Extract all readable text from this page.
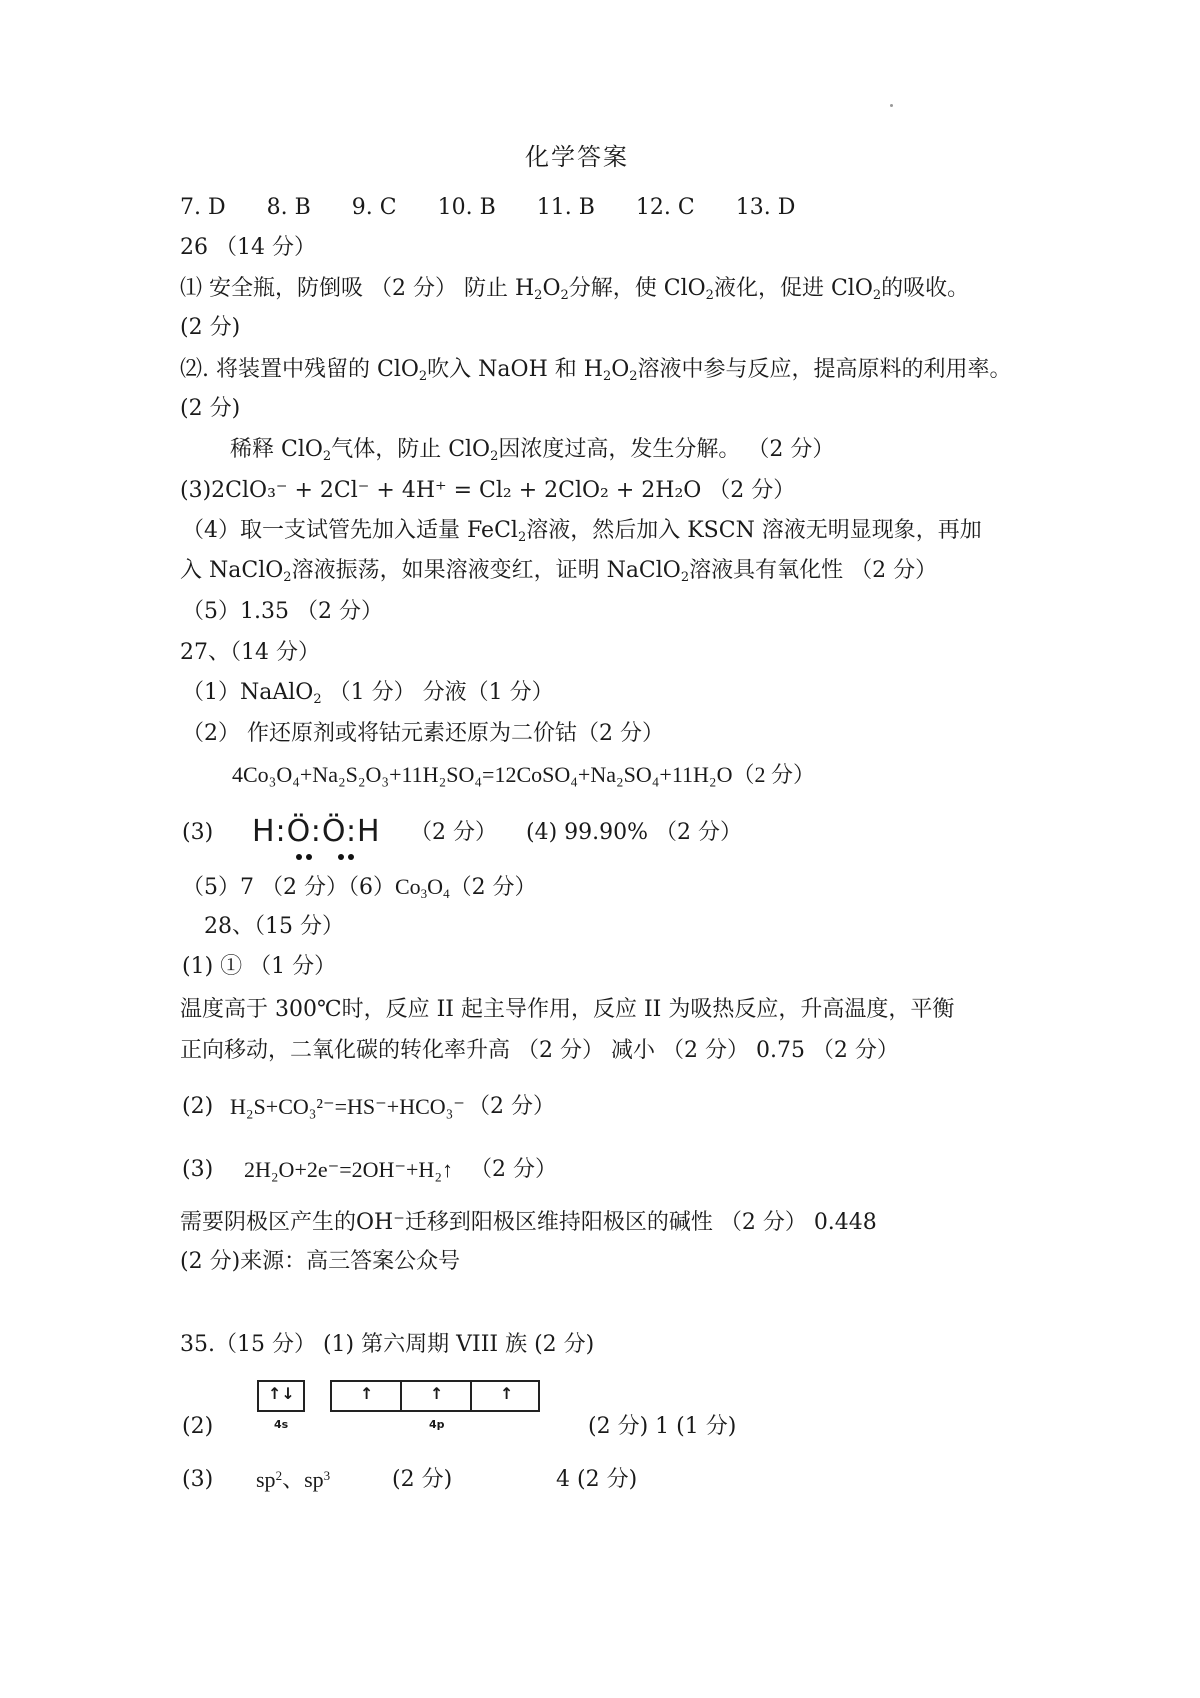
化学答案
7. D 8. B 9. C 10. B 11. B 12. C 13. D
26 （14 分）
⑴ 安全瓶，防倒吸 （2 分） 防止 $H_2O_2$分解，使 ClO$_2$液化，促进 ClO$_2$的吸收。
(2 分)
⑵. 将装置中残留的 ClO$_2$吹入 NaOH 和 $H_2O_2$溶液中参与反应，提高原料的利用率。
(2 分)
稀释 ClO$_2$气体，防止 ClO$_2$因浓度过高，发生分解。 （2 分）
(3)2ClO₃⁻ + 2Cl⁻ + 4H⁺ = Cl₂ + 2ClO₂ + 2H₂O （2 分）
（4）取一支试管先加入适量 FeCl$_2$溶液，然后加入 KSCN 溶液无明显现象，再加
入 NaClO$_2$溶液振荡，如果溶液变红，证明 NaClO$_2$溶液具有氧化性 （2 分）
（5）1.35 （2 分）
27、（14 分）
（1）NaAlO$_2$ （1 分） 分液（1 分）
（2） 作还原剂或将钴元素还原为二价钴（2 分）
4Co₃O₄+Na₂S₂O₃+11H₂SO₄=12CoSO₄+Na₂SO₄+11H₂O（2 分）
(3) H:Ö:Ö:H	（2 分） (4) 99.90% （2 分）
（5）7 （2 分）$(6)Co_3O_4(2$ 分）
28、（15 分）
(1) ① （1 分）
温度高于 300℃时，反应 II 起主导作用，反应 II 为吸热反应，升高温度，平衡
正向移动，二氧化碳的转化率升高 （2 分） 减小 （2 分） 0.75 （2 分）
(2) H₂S+CO₃²⁻=HS⁻+HCO₃⁻ （2 分）
(3) 2H₂O+2e⁻=2OH⁻+H₂↑ （2 分）
需要阴极区产生的OH⁻迁移到阳极区维持阳极区的碱性 （2 分） 0.448
(2 分)来源：高三答案公众号
35.（15 分） (1) 第六周期 VIII 族 (2 分)
↑↓	↑	↑	↑
4s	4p
(2)	(2 分) 1 (1 分)
(3) $sp^2$、$sp^3$	(2 分)	4 (2 分)
